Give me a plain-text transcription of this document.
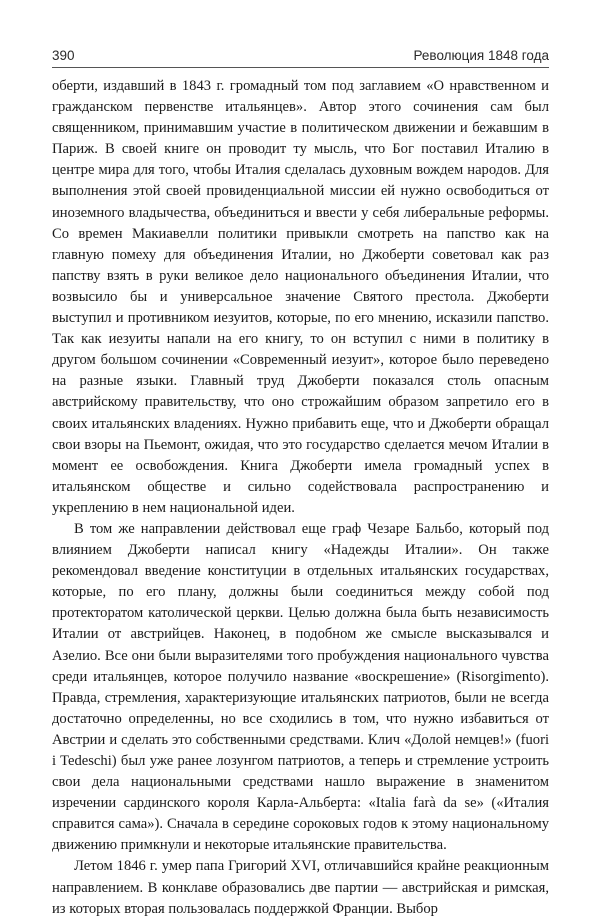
390	Революция 1848 года

оберти, издавший в 1843 г. громадный том под заглавием «О нравственном и гражданском первенстве итальянцев». Автор этого сочинения сам был священником, принимавшим участие в политическом движении и бежавшим в Париж. В своей книге он проводит ту мысль, что Бог поставил Италию в центре мира для того, чтобы Италия сделалась духовным вождем народов. Для выполнения этой своей провиденциальной миссии ей нужно освободиться от иноземного владычества, объединиться и ввести у себя либеральные реформы. Со времен Макиавелли политики привыкли смотреть на папство как на главную помеху для объединения Италии, но Джоберти советовал как раз папству взять в руки великое дело национального объединения Италии, что возвысило бы и универсальное значение Святого престола. Джоберти выступил и противником иезуитов, которые, по его мнению, исказили папство. Так как иезуиты напали на его книгу, то он вступил с ними в политику в другом большом сочинении «Современный иезуит», которое было переведено на разные языки. Главный труд Джоберти показался столь опасным австрийскому правительству, что оно строжайшим образом запретило его в своих итальянских владениях. Нужно прибавить еще, что и Джоберти обращал свои взоры на Пьемонт, ожидая, что это государство сделается мечом Италии в момент ее освобождения. Книга Джоберти имела громадный успех в итальянском обществе и сильно содействовала распространению и укреплению в нем национальной идеи.

В том же направлении действовал еще граф Чезаре Бальбо, который под влиянием Джоберти написал книгу «Надежды Италии». Он также рекомендовал введение конституции в отдельных итальянских государствах, которые, по его плану, должны были соединиться между собой под протекторатом католической церкви. Целью должна была быть независимость Италии от австрийцев. Наконец, в подобном же смысле высказывался и Азелио. Все они были выразителями того пробуждения национального чувства среди итальянцев, которое получило название «воскрешение» (Risorgimento). Правда, стремления, характеризующие итальянских патриотов, были не всегда достаточно определенны, но все сходились в том, что нужно избавиться от Австрии и сделать это собственными средствами. Клич «Долой немцев!» (fuori i Tedeschi) был уже ранее лозунгом патриотов, а теперь и стремление устроить свои дела национальными средствами нашло выражение в знаменитом изречении сардинского короля Карла-Альберта: «Italia farà da se» («Италия справится сама»). Сначала в середине сороковых годов к этому национальному движению примкнули и некоторые итальянские правительства.

Летом 1846 г. умер папа Григорий XVI, отличавшийся крайне реакционным направлением. В конклаве образовались две партии — австрийская и римская, из которых вторая пользовалась поддержкой Франции. Выбор
